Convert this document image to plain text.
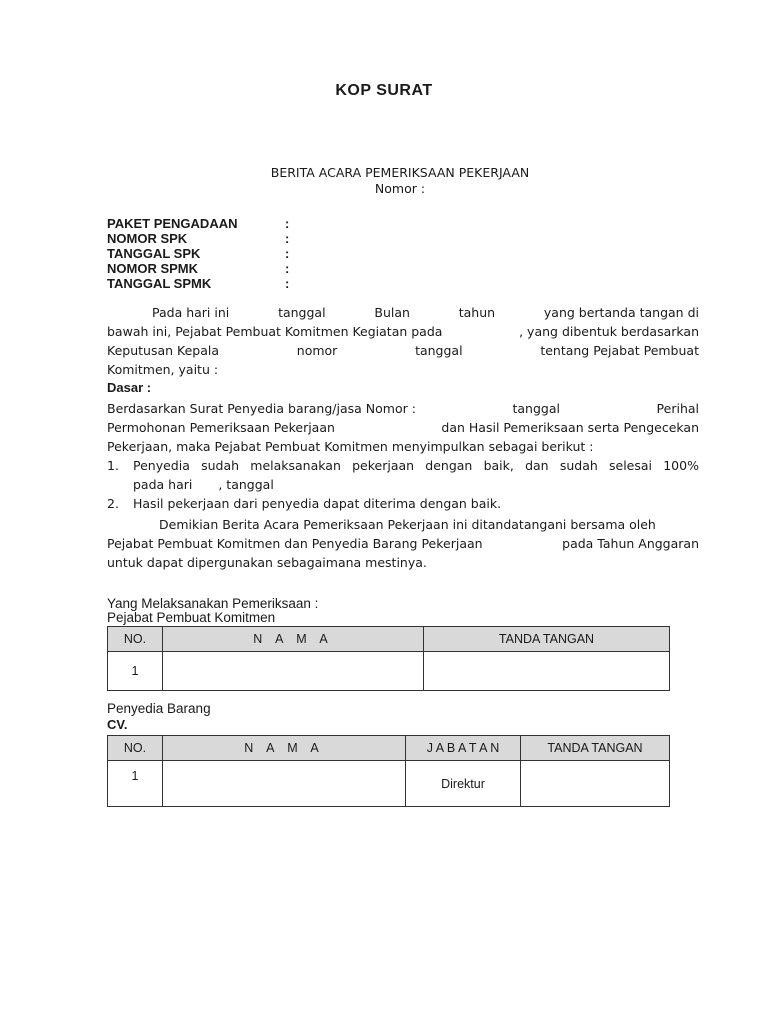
KOP SURAT
BERITA ACARA PEMERIKSAAN PEKERJAAN
Nomor :
PAKET PENGADAAN	:
NOMOR SPK	:
TANGGAL SPK	:
NOMOR SPMK	:
TANGGAL SPMK	:
Pada hari ini	tanggal	Bulan	tahun	yang bertanda tangan di
bawah ini, Pejabat Pembuat Komitmen Kegiatan pada	, yang dibentuk berdasarkan
Keputusan Kepala	nomor	tanggal	tentang Pejabat Pembuat
Komitmen, yaitu :
Dasar :
Berdasarkan Surat Penyedia barang/jasa Nomor :	tanggal	Perihal
Permohonan Pemeriksaan Pekerjaan	dan Hasil Pemeriksaan serta Pengecekan
Pekerjaan, maka Pejabat Pembuat Komitmen menyimpulkan sebagai berikut :
1. Penyedia sudah melaksanakan pekerjaan dengan baik, dan sudah selesai 100%
pada hari	, tanggal
2.	Hasil pekerjaan dari penyedia dapat diterima dengan baik.
Demikian Berita Acara Pemeriksaan Pekerjaan ini ditandatangani bersama oleh
Pejabat Pembuat Komitmen dan Penyedia Barang Pekerjaan	pada Tahun Anggaran
untuk dapat dipergunakan sebagaimana mestinya.
Yang Melaksanakan Pemeriksaan :
Pejabat Pembuat Komitmen
NO.	N A M A	TANDA TANGAN
1		
Penyedia Barang
CV.
NO.	N A M A	J A B A T A N	TANDA TANGAN
1		Direktur	
